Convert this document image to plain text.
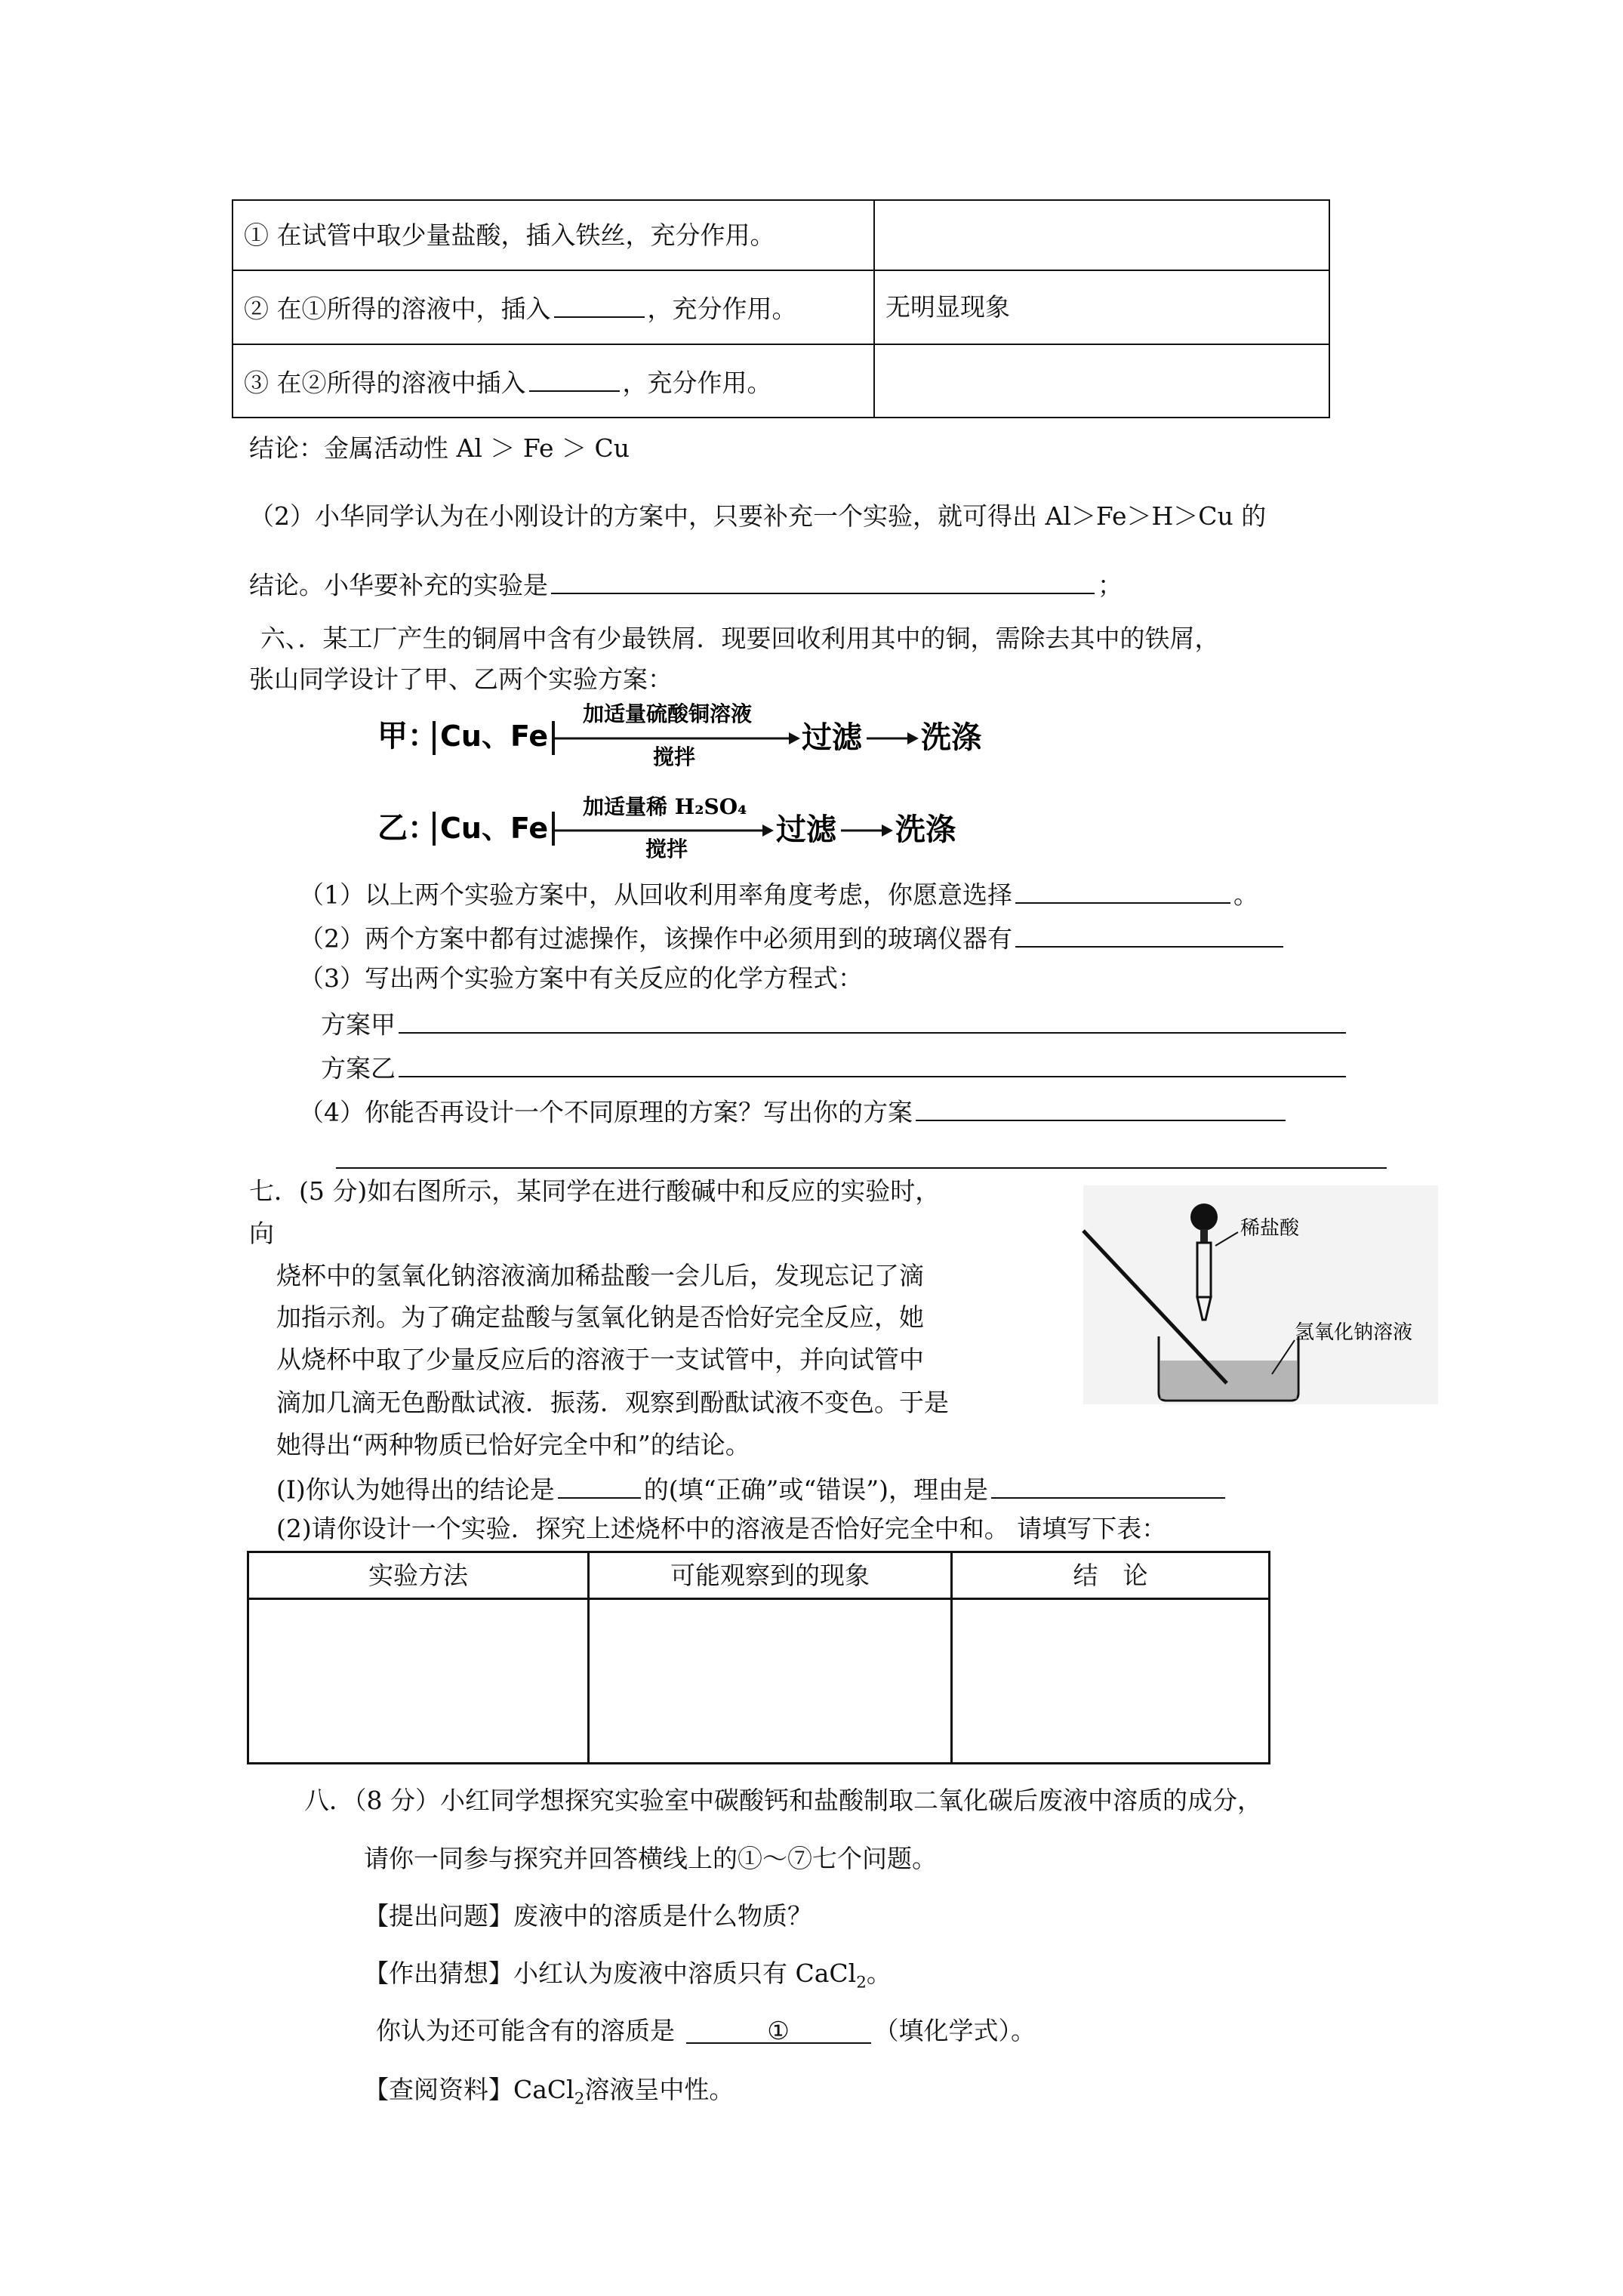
① 在试管中取少量盐酸，插入铁丝，充分作用。	
② 在①所得的溶液中，插入 ，充分作用。	无明显现象
③ 在②所得的溶液中插入 ，充分作用。	
结论：金属活动性 Al ＞ Fe ＞ Cu
（2）小华同学认为在小刚设计的方案中，只要补充一个实验，就可得出 Al＞Fe＞H＞Cu 的
结论。小华要补充的实验是	；
六、．某工厂产生的铜屑中含有少最铁屑．现要回收利用其中的铜，需除去其中的铁屑，
张山同学设计了甲、乙两个实验方案：
甲： Cu、Fe
加适量硫酸铜溶液
搅拌
过滤 洗涤
乙： Cu、Fe
加适量稀 H₂SO₄
搅拌
过滤 洗涤
（1）以上两个实验方案中，从回收利用率角度考虑，你愿意选择	。
（2）两个方案中都有过滤操作，该操作中必须用到的玻璃仪器有
（3）写出两个实验方案中有关反应的化学方程式：
方案甲
方案乙
（4）你能否再设计一个不同原理的方案？写出你的方案
七．(5 分)如右图所示，某同学在进行酸碱中和反应的实验时，
向
烧杯中的氢氧化钠溶液滴加稀盐酸一会儿后，发现忘记了滴
加指示剂。为了确定盐酸与氢氧化钠是否恰好完全反应，她
从烧杯中取了少量反应后的溶液于一支试管中，并向试管中
滴加几滴无色酚酞试液．振荡．观察到酚酞试液不变色。于是
她得出“两种物质已恰好完全中和”的结论。
稀盐酸
氢氧化钠溶液
(I)你认为她得出的结论是	的(填“正确”或“错误”)，理由是
(2)请你设计一个实验．探究上述烧杯中的溶液是否恰好完全中和。 请填写下表：
实验方法	可能观察到的现象	结　论

八．（8 分）小红同学想探究实验室中碳酸钙和盐酸制取二氧化碳后废液中溶质的成分，
请你一同参与探究并回答横线上的①～⑦七个问题。
【提出问题】废液中的溶质是什么物质？
【作出猜想】小红认为废液中溶质只有 CaCl$_2$。
你认为还可能含有的溶质是	①	（填化学式）。
【查阅资料】CaCl$_2$溶液呈中性。
